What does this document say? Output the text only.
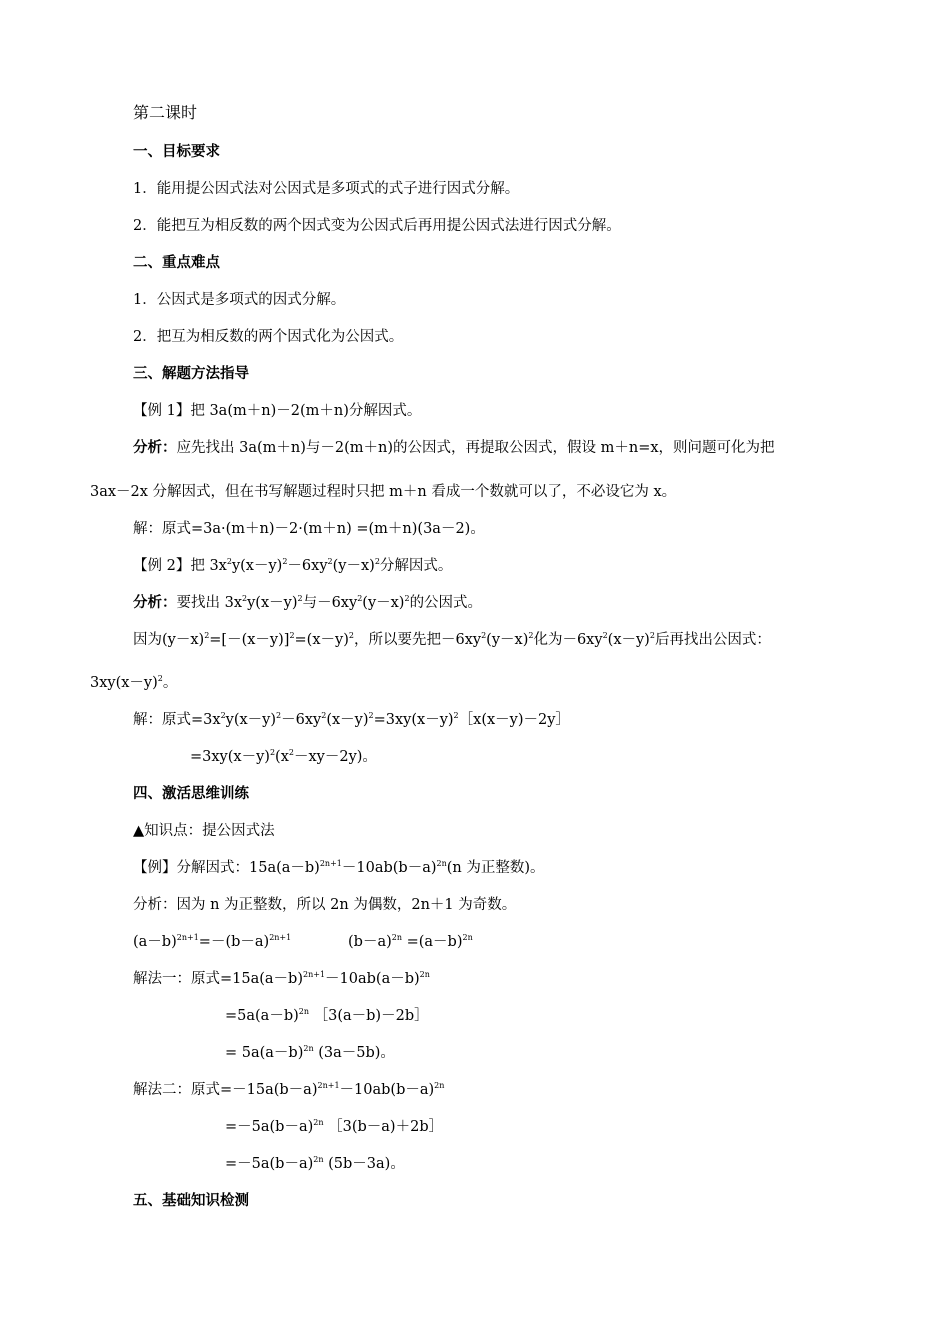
第二课时
一、目标要求
1．能用提公因式法对公因式是多项式的式子进行因式分解。
2．能把互为相反数的两个因式变为公因式后再用提公因式法进行因式分解。
二、重点难点
1．公因式是多项式的因式分解。
2．把互为相反数的两个因式化为公因式。
三、解题方法指导
【例 1】把 3a(m＋n)－2(m＋n)分解因式。
分析：应先找出 3a(m＋n)与－2(m＋n)的公因式，再提取公因式，假设 m＋n=x，则问题可化为把
3ax－2x 分解因式，但在书写解题过程时只把 m＋n 看成一个数就可以了，不必设它为 x。
解：原式=3a·(m＋n)－2·(m＋n) =(m＋n)(3a－2)。
【例 2】把 $3x^2y(x-y)^2-6xy^2(y-x)^2$分解因式。
分析：要找出 $3x^2y(x-y)^2$与$-6xy^2(y-x)^2$的公因式。
因为$(y-x)^2=[-(x-y)]^2=(x-y)^2$，所以要先把$-6xy^2(y-x)^2$化为$-6xy^2(x-y)^2$后再找出公因式：
$3xy(x-y)^2$。
解：原式$=3x^2y(x-y)^2-6xy^2(x-y)^2=3xy(x-y)^2[x(x-y)-2y]$
$=3xy(x-y)^2(x^2-xy-2y)$。
四、激活思维训练
▲知识点：提公因式法
【例】分解因式：$15a(a-b)^{2n+1}-10ab(b-a)^{2n}(n$ 为正整数)。
分析：因为 n 为正整数，所以 2n 为偶数，2n＋1 为奇数。
$(a-b)^{2n+1}=-(b-a)^{2n+1}$	$(b-a)^{2n} =(a-b)^{2n}$
解法一：原式$=15a(a-b)^{2n+1}-10ab(a-b)^{2n}$
$=5a(a-b)^{2n}$ ［3(a－b)－2b］
= $5a(a-b)^{2n}$ (3a－5b)。
解法二：原式$=-15a(b-a)^{2n+1}-10ab(b-a)^{2n}$
$=-5a(b-a)^{2n}$ ［3(b－a)＋2b］
$=-5a(b-a)^{2n}$ (5b－3a)。
五、基础知识检测
